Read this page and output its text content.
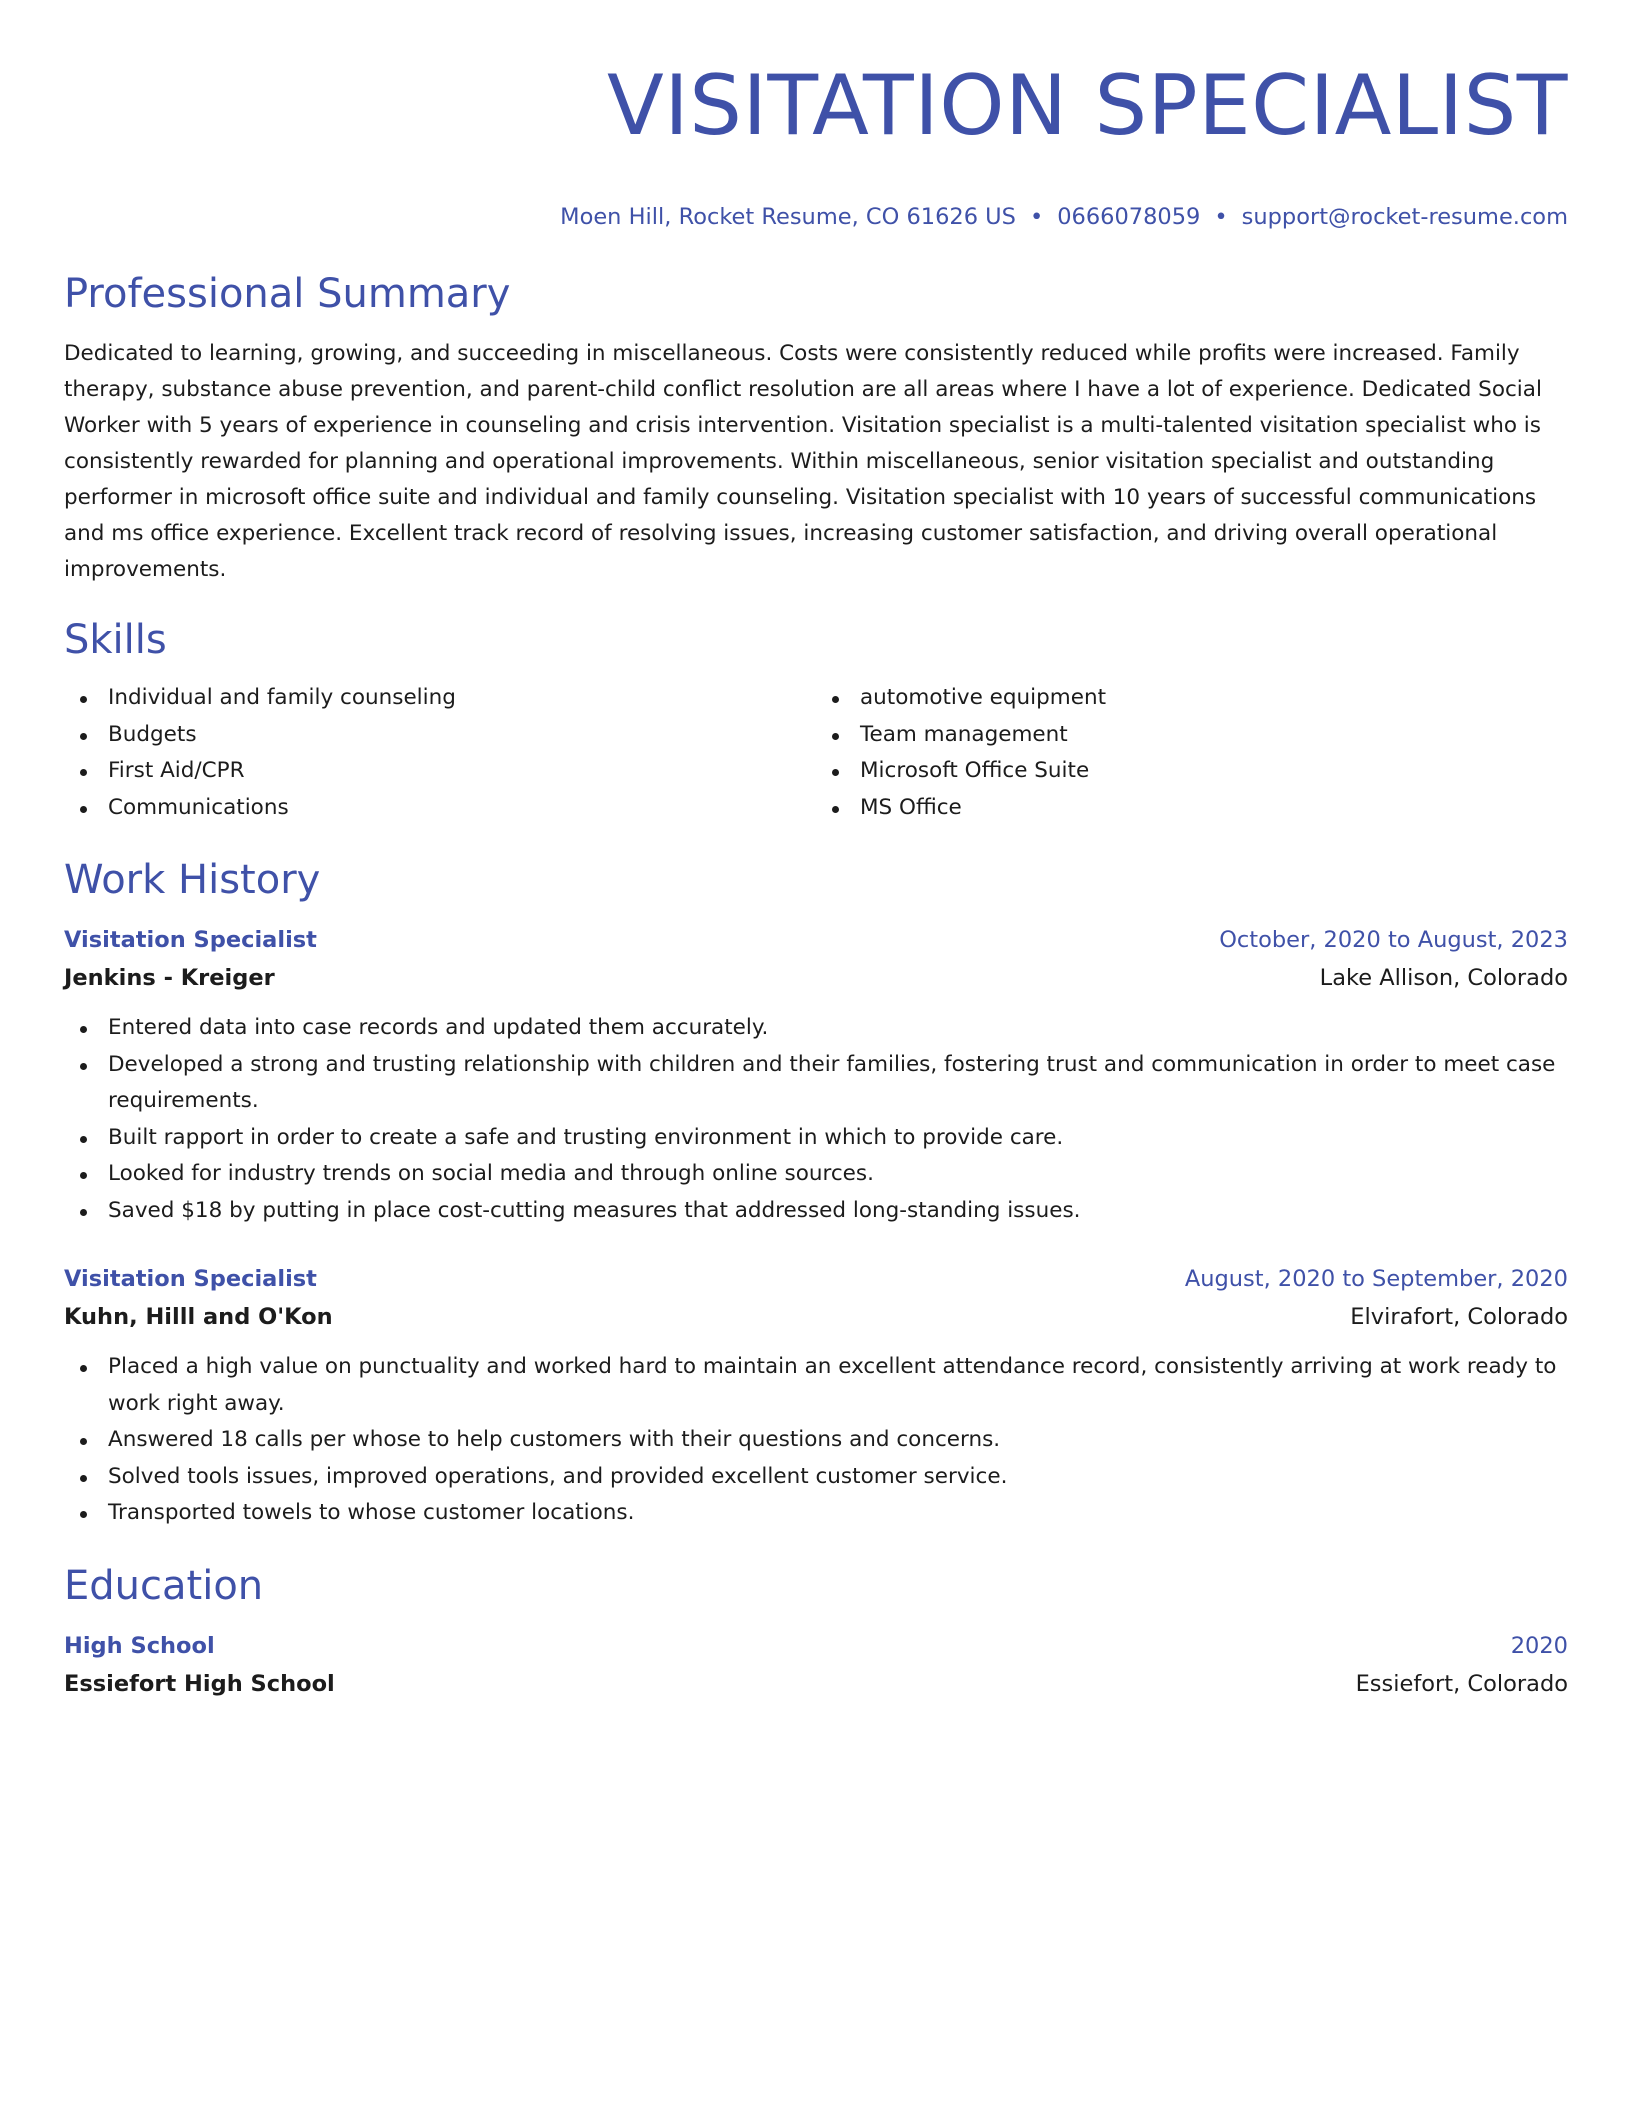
VISITATION SPECIALIST
Moen Hill, Rocket Resume, CO 61626 US • 0666078059 • support@rocket-resume.com
Professional Summary

Dedicated to learning, growing, and succeeding in miscellaneous. Costs were consistently reduced while profits were increased. Family therapy, substance abuse prevention, and parent-child conflict resolution are all areas where I have a lot of experience. Dedicated Social Worker with 5 years of experience in counseling and crisis intervention. Visitation specialist is a multi-talented visitation specialist who is consistently rewarded for planning and operational improvements. Within miscellaneous, senior visitation specialist and outstanding performer in microsoft office suite and individual and family counseling. Visitation specialist with 10 years of successful communications and ms office experience. Excellent track record of resolving issues, increasing customer satisfaction, and driving overall operational improvements.

Skills
Individual and family counseling
Budgets
First Aid/CPR
Communications
automotive equipment
Team management
Microsoft Office Suite
MS Office
Work History
Visitation Specialist	October, 2020 to August, 2023
Jenkins - Kreiger	Lake Allison, Colorado
Entered data into case records and updated them accurately.
Developed a strong and trusting relationship with children and their families, fostering trust and communication in order to meet case requirements.
Built rapport in order to create a safe and trusting environment in which to provide care.
Looked for industry trends on social media and through online sources.
Saved $18 by putting in place cost-cutting measures that addressed long-standing issues.
Visitation Specialist	August, 2020 to September, 2020
Kuhn, Hilll and O'Kon	Elvirafort, Colorado
Placed a high value on punctuality and worked hard to maintain an excellent attendance record, consistently arriving at work ready to work right away.
Answered 18 calls per whose to help customers with their questions and concerns.
Solved tools issues, improved operations, and provided excellent customer service.
Transported towels to whose customer locations.
Education
High School	2020
Essiefort High School	Essiefort, Colorado
